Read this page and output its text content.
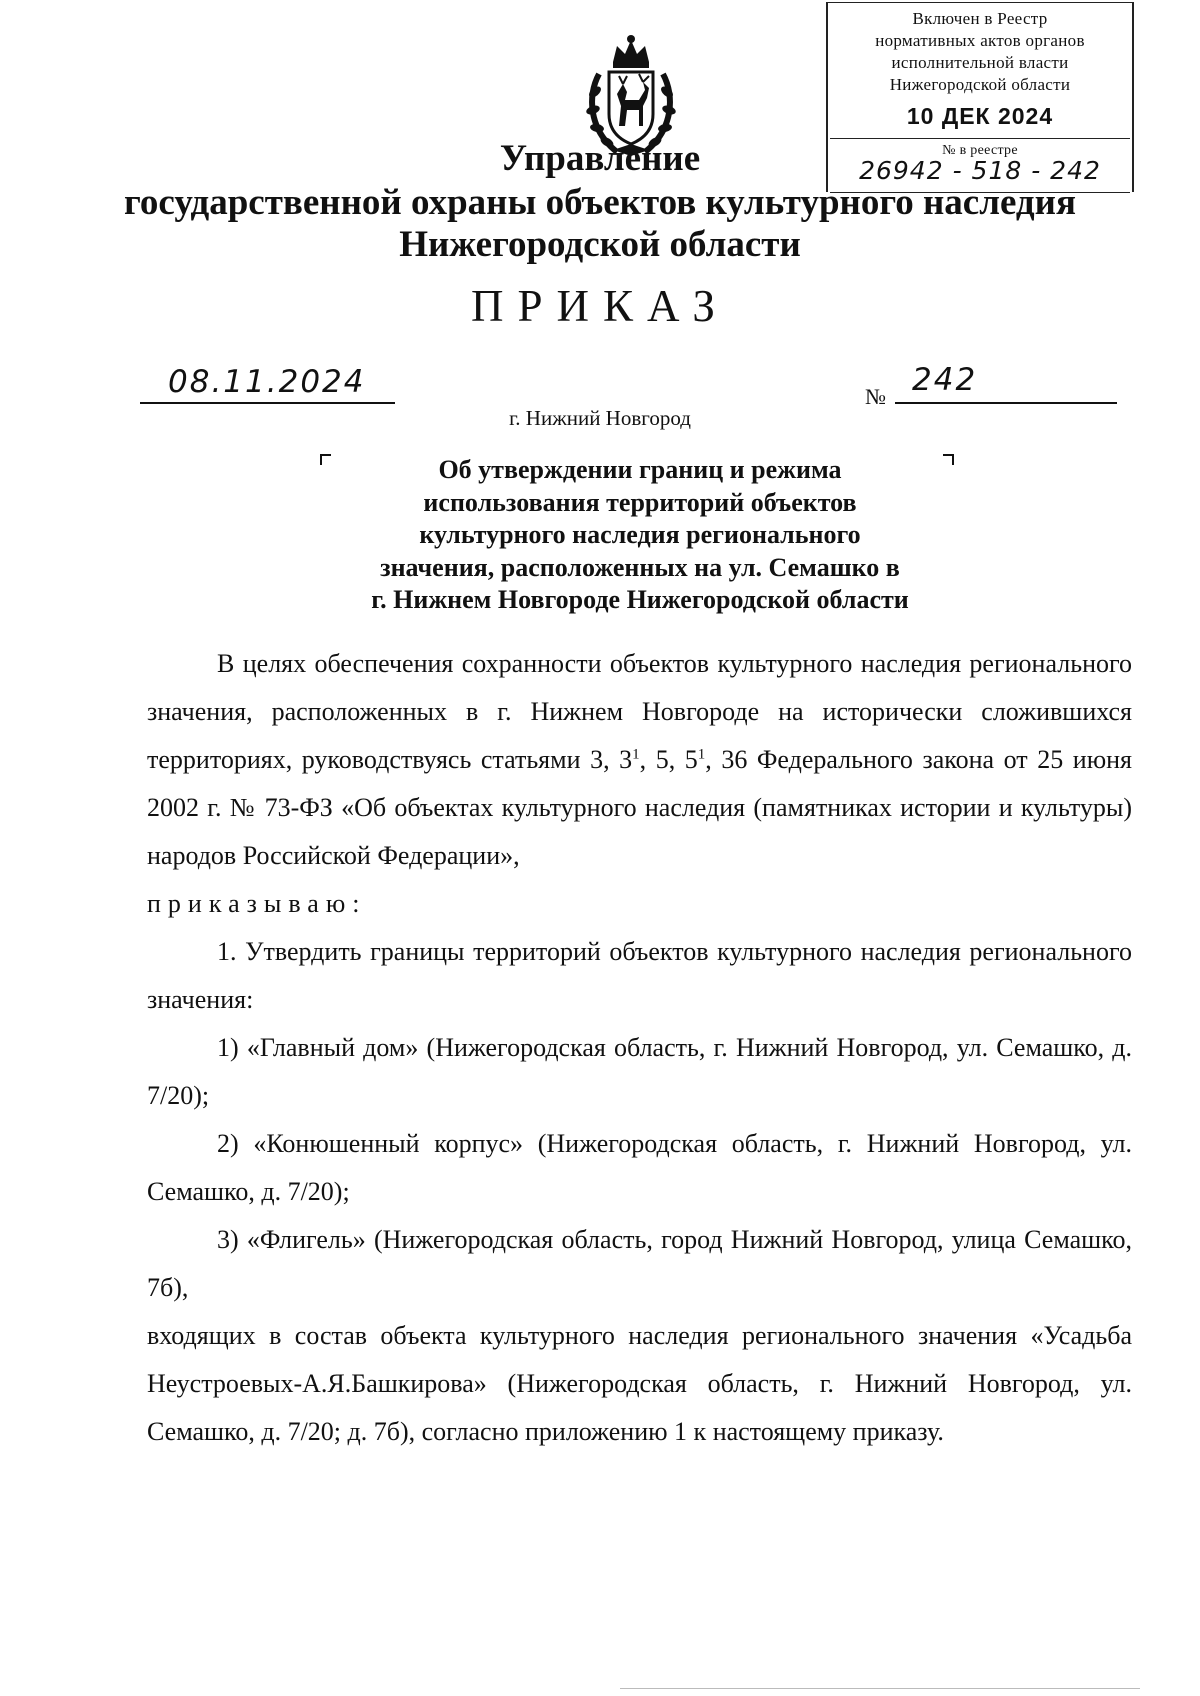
Включен в Реестр
нормативных актов органов
исполнительной власти
Нижегородской области
10 ДЕК 2024
№ в реестре
26942 - 518 - 242
Управление
государственной охраны объектов культурного наследия
Нижегородской области
ПРИКАЗ
08.11.2024	№ 242
г. Нижний Новгород
Об утверждении границ и режима
использования территорий объектов
культурного наследия регионального
значения, расположенных на ул. Семашко в
г. Нижнем Новгороде Нижегородской области

В целях обеспечения сохранности объектов культурного наследия регионального значения, расположенных в г. Нижнем Новгороде на исторически сложившихся территориях, руководствуясь статьями 3, $3^1$, 5, $5^1$, 36 Федерального закона от 25 июня 2002 г. № 73-ФЗ «Об объектах культурного наследия (памятниках истории и культуры) народов Российской Федерации»,

приказываю:

1. Утвердить границы территорий объектов культурного наследия регионального значения:

1) «Главный дом» (Нижегородская область, г. Нижний Новгород, ул. Семашко, д. 7/20);

2) «Конюшенный корпус» (Нижегородская область, г. Нижний Новгород, ул. Семашко, д. 7/20);

3) «Флигель» (Нижегородская область, город Нижний Новгород, улица Семашко, 7б),

входящих в состав объекта культурного наследия регионального значения «Усадьба Неустроевых-А.Я.Башкирова» (Нижегородская область, г. Нижний Новгород, ул. Семашко, д. 7/20; д. 7б), согласно приложению 1 к настоящему приказу.
